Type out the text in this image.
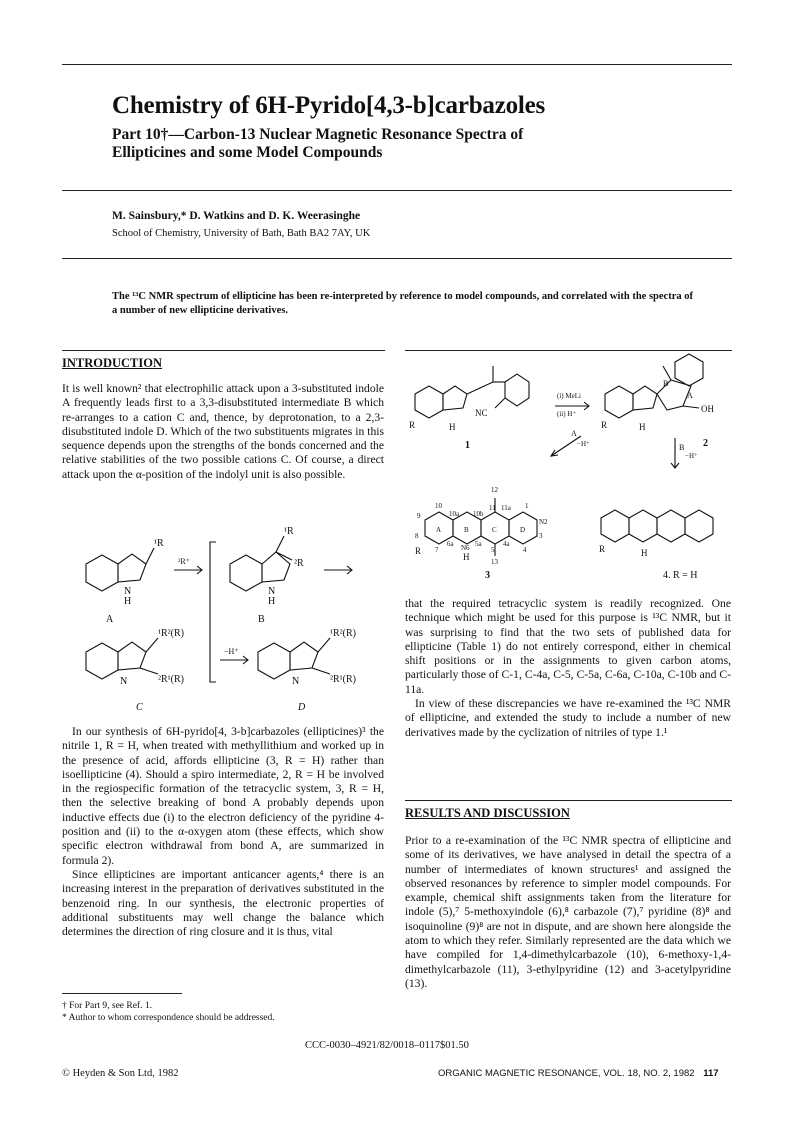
Chemistry of 6H-Pyrido[4,3-b]carbazoles
Part 10†—Carbon-13 Nuclear Magnetic Resonance Spectra of
Ellipticines and some Model Compounds
M. Sainsbury,* D. Watkins and D. K. Weerasinghe
School of Chemistry, University of Bath, Bath BA2 7AY, UK
The ¹³C NMR spectrum of ellipticine has been re-interpreted by reference to model compounds, and correlated with the spectra of a number of new ellipticine derivatives.
INTRODUCTION

It is well known² that electrophilic attack upon a 3-substituted indole A frequently leads first to a 3,3-disubstituted intermediate B which re-arranges to a cation C and, thence, by deprotonation, to a 2,3-disubstituted indole D. Which of the two substituents migrates in this sequence depends upon the strengths of the bonds concerned and the relative stabilities of the two possible cations C. Of course, a direct attack upon the α-position of the indolyl unit is also possible.

¹R
N
H
A
²R⁺
¹R
²R
N
H
B
¹R²(R)
²R¹(R)
N
C
−H⁺
¹R²(R)
²R¹(R)
N
D

In our synthesis of 6H-pyrido[4, 3-b]carbazoles (ellipticines)³ the nitrile 1, R = H, when treated with methyllithium and worked up in the presence of acid, affords ellipticine (3, R = H) rather than isoellipticine (4). Should a spiro intermediate, 2, R = H be involved in the regiospecific formation of the tetracyclic system, 3, R = H, then the selective breaking of bond A probably depends upon inductive effects due (i) to the electron deficiency of the pyridine 4-position and (ii) to the α-oxygen atom (these effects, which show specific electron withdrawal from bond A, are summarized in formula 2).

Since ellipticines are important anticancer agents,⁴ there is an increasing interest in the preparation of derivatives substituted in the benzenoid ring. In our synthesis, the electronic properties of additional substituents may well change the balance which determines the direction of ring closure and it is thus, vital

† For Part 9, see Ref. 1.
* Author to whom correspondence should be addressed.
NC
R	H
1
(i) MeLi
(ii) H⁺	OH
R	H
B
A
2
A
−H⁺	B
−H⁺
12
1
11a
11
10
10a 10b
9
A	B	C	D
N2
3
8
7
6a N6 5a	4a
5	4
13
R
H
3
R	H
4. R = H

that the required tetracyclic system is readily recognized. One technique which might be used for this purpose is ¹³C NMR, but it was surprising to find that the two sets of published data for ellipticine (Table 1) do not entirely correspond, either in chemical shift positions or in the assignments to given carbon atoms, particularly those of C-1, C-4a, C-5, C-5a, C-6a, C-10a, C-10b and C-11a.

In view of these discrepancies we have re-examined the ¹³C NMR of ellipticine, and extended the study to include a number of new derivatives made by the cyclization of nitriles of type 1.¹

RESULTS AND DISCUSSION

Prior to a re-examination of the ¹³C NMR spectra of ellipticine and some of its derivatives, we have analysed in detail the spectra of a number of intermediates of known structures¹ and assigned the observed resonances by reference to simpler model compounds. For example, chemical shift assignments taken from the literature for indole (5),⁷ 5-methoxyindole (6),⁸ carbazole (7),⁷ pyridine (8)⁸ and isoquinoline (9)⁸ are not in dispute, and are shown here alongside the atom to which they refer. Similarly represented are the data which we have compiled for 1,4-dimethylcarbazole (10), 6-methoxy-1,4-dimethylcarbazole (11), 3-ethylpyridine (12) and 3-acetylpyridine (13).

CCC-0030–4921/82/0018–0117$01.50
© Heyden & Son Ltd, 1982	ORGANIC MAGNETIC RESONANCE, VOL. 18, NO. 2, 1982 117
